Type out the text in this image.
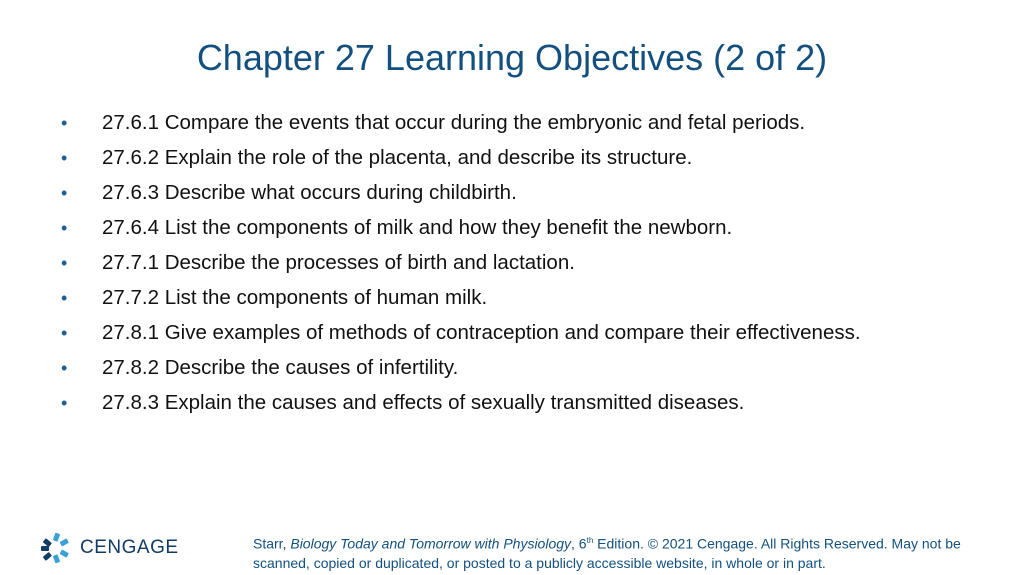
Chapter 27 Learning Objectives (2 of 2)
• 27.6.1 Compare the events that occur during the embryonic and fetal periods.
• 27.6.2 Explain the role of the placenta, and describe its structure.
• 27.6.3 Describe what occurs during childbirth.
• 27.6.4 List the components of milk and how they benefit the newborn.
• 27.7.1 Describe the processes of birth and lactation.
• 27.7.2 List the components of human milk.
• 27.8.1 Give examples of methods of contraception and compare their effectiveness.
• 27.8.2 Describe the causes of infertility.
• 27.8.3 Explain the causes and effects of sexually transmitted diseases.
CENGAGE	Starr, Biology Today and Tomorrow with Physiology, 6th Edition. © 2021 Cengage. All Rights Reserved. May not be scanned, copied or duplicated, or posted to a publicly accessible website, in whole or in part.
